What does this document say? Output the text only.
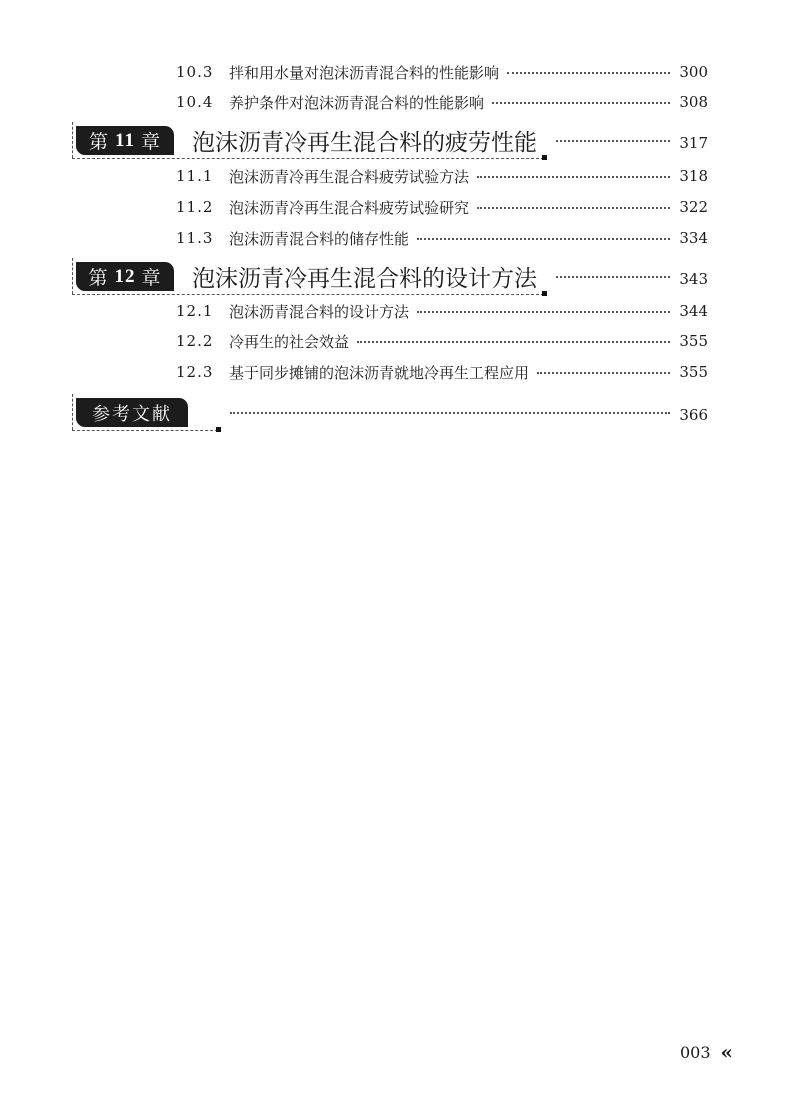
10.3	拌和用水量对泡沫沥青混合料的性能影响	300
10.4	养护条件对泡沫沥青混合料的性能影响	308
第 11 章 泡沫沥青冷再生混合料的疲劳性能	317
11.1	泡沫沥青冷再生混合料疲劳试验方法	318
11.2	泡沫沥青冷再生混合料疲劳试验研究	322
11.3	泡沫沥青混合料的储存性能	334
第 12 章 泡沫沥青冷再生混合料的设计方法	343
12.1	泡沫沥青混合料的设计方法	344
12.2	冷再生的社会效益	355
12.3	基于同步摊铺的泡沫沥青就地冷再生工程应用	355
参考文献	366
003 «
